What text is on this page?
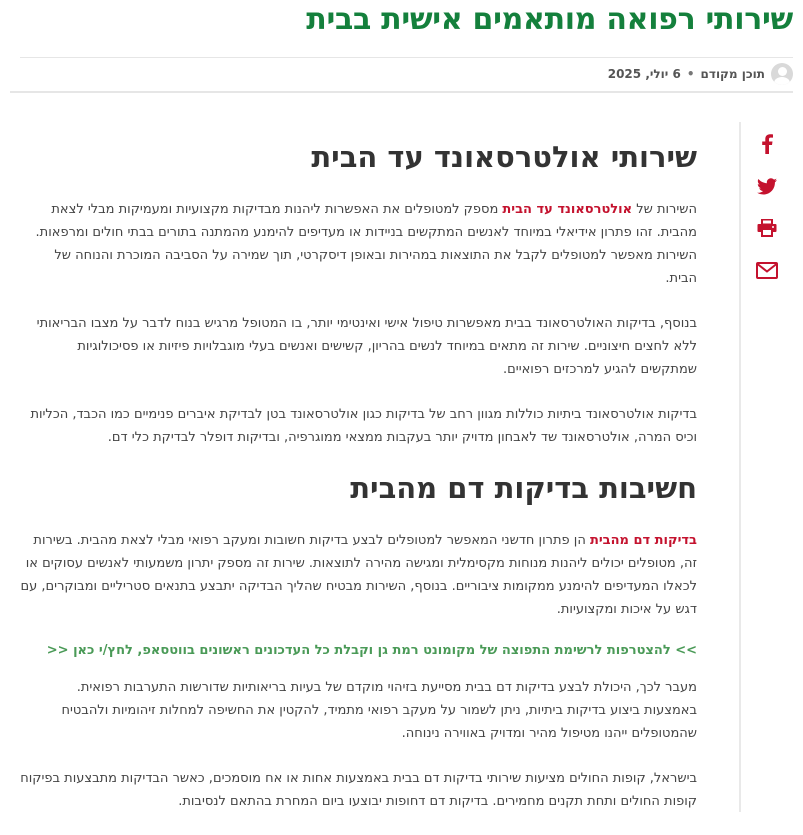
שירותי רפואה מותאמים אישית בבית
תוכן מקודם
•
6 יולי, 2025
שירותי אולטרסאונד עד הבית

השירות של אולטרסאונד עד הבית מספק למטופלים את האפשרות ליהנות מבדיקות מקצועיות ומעמיקות מבלי לצאת מהבית. זהו פתרון אידיאלי במיוחד לאנשים המתקשים בניידות או מעדיפים להימנע מהמתנה בתורים בבתי חולים ומרפאות. השירות מאפשר למטופלים לקבל את התוצאות במהירות ובאופן דיסקרטי, תוך שמירה על הסביבה המוכרת והנוחה של הבית.

בנוסף, בדיקות האולטרסאונד בבית מאפשרות טיפול אישי ואינטימי יותר, בו המטופל מרגיש בנוח לדבר על מצבו הבריאותי ללא לחצים חיצוניים. שירות זה מתאים במיוחד לנשים בהריון, קשישים ואנשים בעלי מוגבלויות פיזיות או פסיכולוגיות שמתקשים להגיע למרכזים רפואיים.

בדיקות אולטרסאונד ביתיות כוללות מגוון רחב של בדיקות כגון אולטרסאונד בטן לבדיקת איברים פנימיים כמו הכבד, הכליות וכיס המרה, אולטרסאונד שד לאבחון מדויק יותר בעקבות ממצאי ממוגרפיה, ובדיקות דופלר לבדיקת כלי דם.

חשיבות בדיקות דם מהבית

בדיקות דם מהבית הן פתרון חדשני המאפשר למטופלים לבצע בדיקות חשובות ומעקב רפואי מבלי לצאת מהבית. בשירות זה, מטופלים יכולים ליהנות מנוחות מקסימלית ומגישה מהירה לתוצאות. שירות זה מספק יתרון משמעותי לאנשים עסוקים או לכאלו המעדיפים להימנע ממקומות ציבוריים. בנוסף, השירות מבטיח שהליך הבדיקה יתבצע בתנאים סטריליים ומבוקרים, עם דגש על איכות ומקצועיות.

>> להצטרפות לרשימת התפוצה של מקומונט רמת גן וקבלת כל העדכונים ראשונים בווטסאפ, לחץ/י כאן <<

מעבר לכך, היכולת לבצע בדיקות דם בבית מסייעת בזיהוי מוקדם של בעיות בריאותיות שדורשות התערבות רפואית. באמצעות ביצוע בדיקות ביתיות, ניתן לשמור על מעקב רפואי מתמיד, להקטין את החשיפה למחלות זיהומיות ולהבטיח שהמטופלים ייהנו מטיפול מהיר ומדויק באווירה נינוחה.

בישראל, קופות החולים מציעות שירותי בדיקות דם בבית באמצעות אחות או אח מוסמכים, כאשר הבדיקות מתבצעות בפיקוח קופות החולים ותחת תקנים מחמירים. בדיקות דם דחופות יבוצעו ביום המחרת בהתאם לנסיבות.
